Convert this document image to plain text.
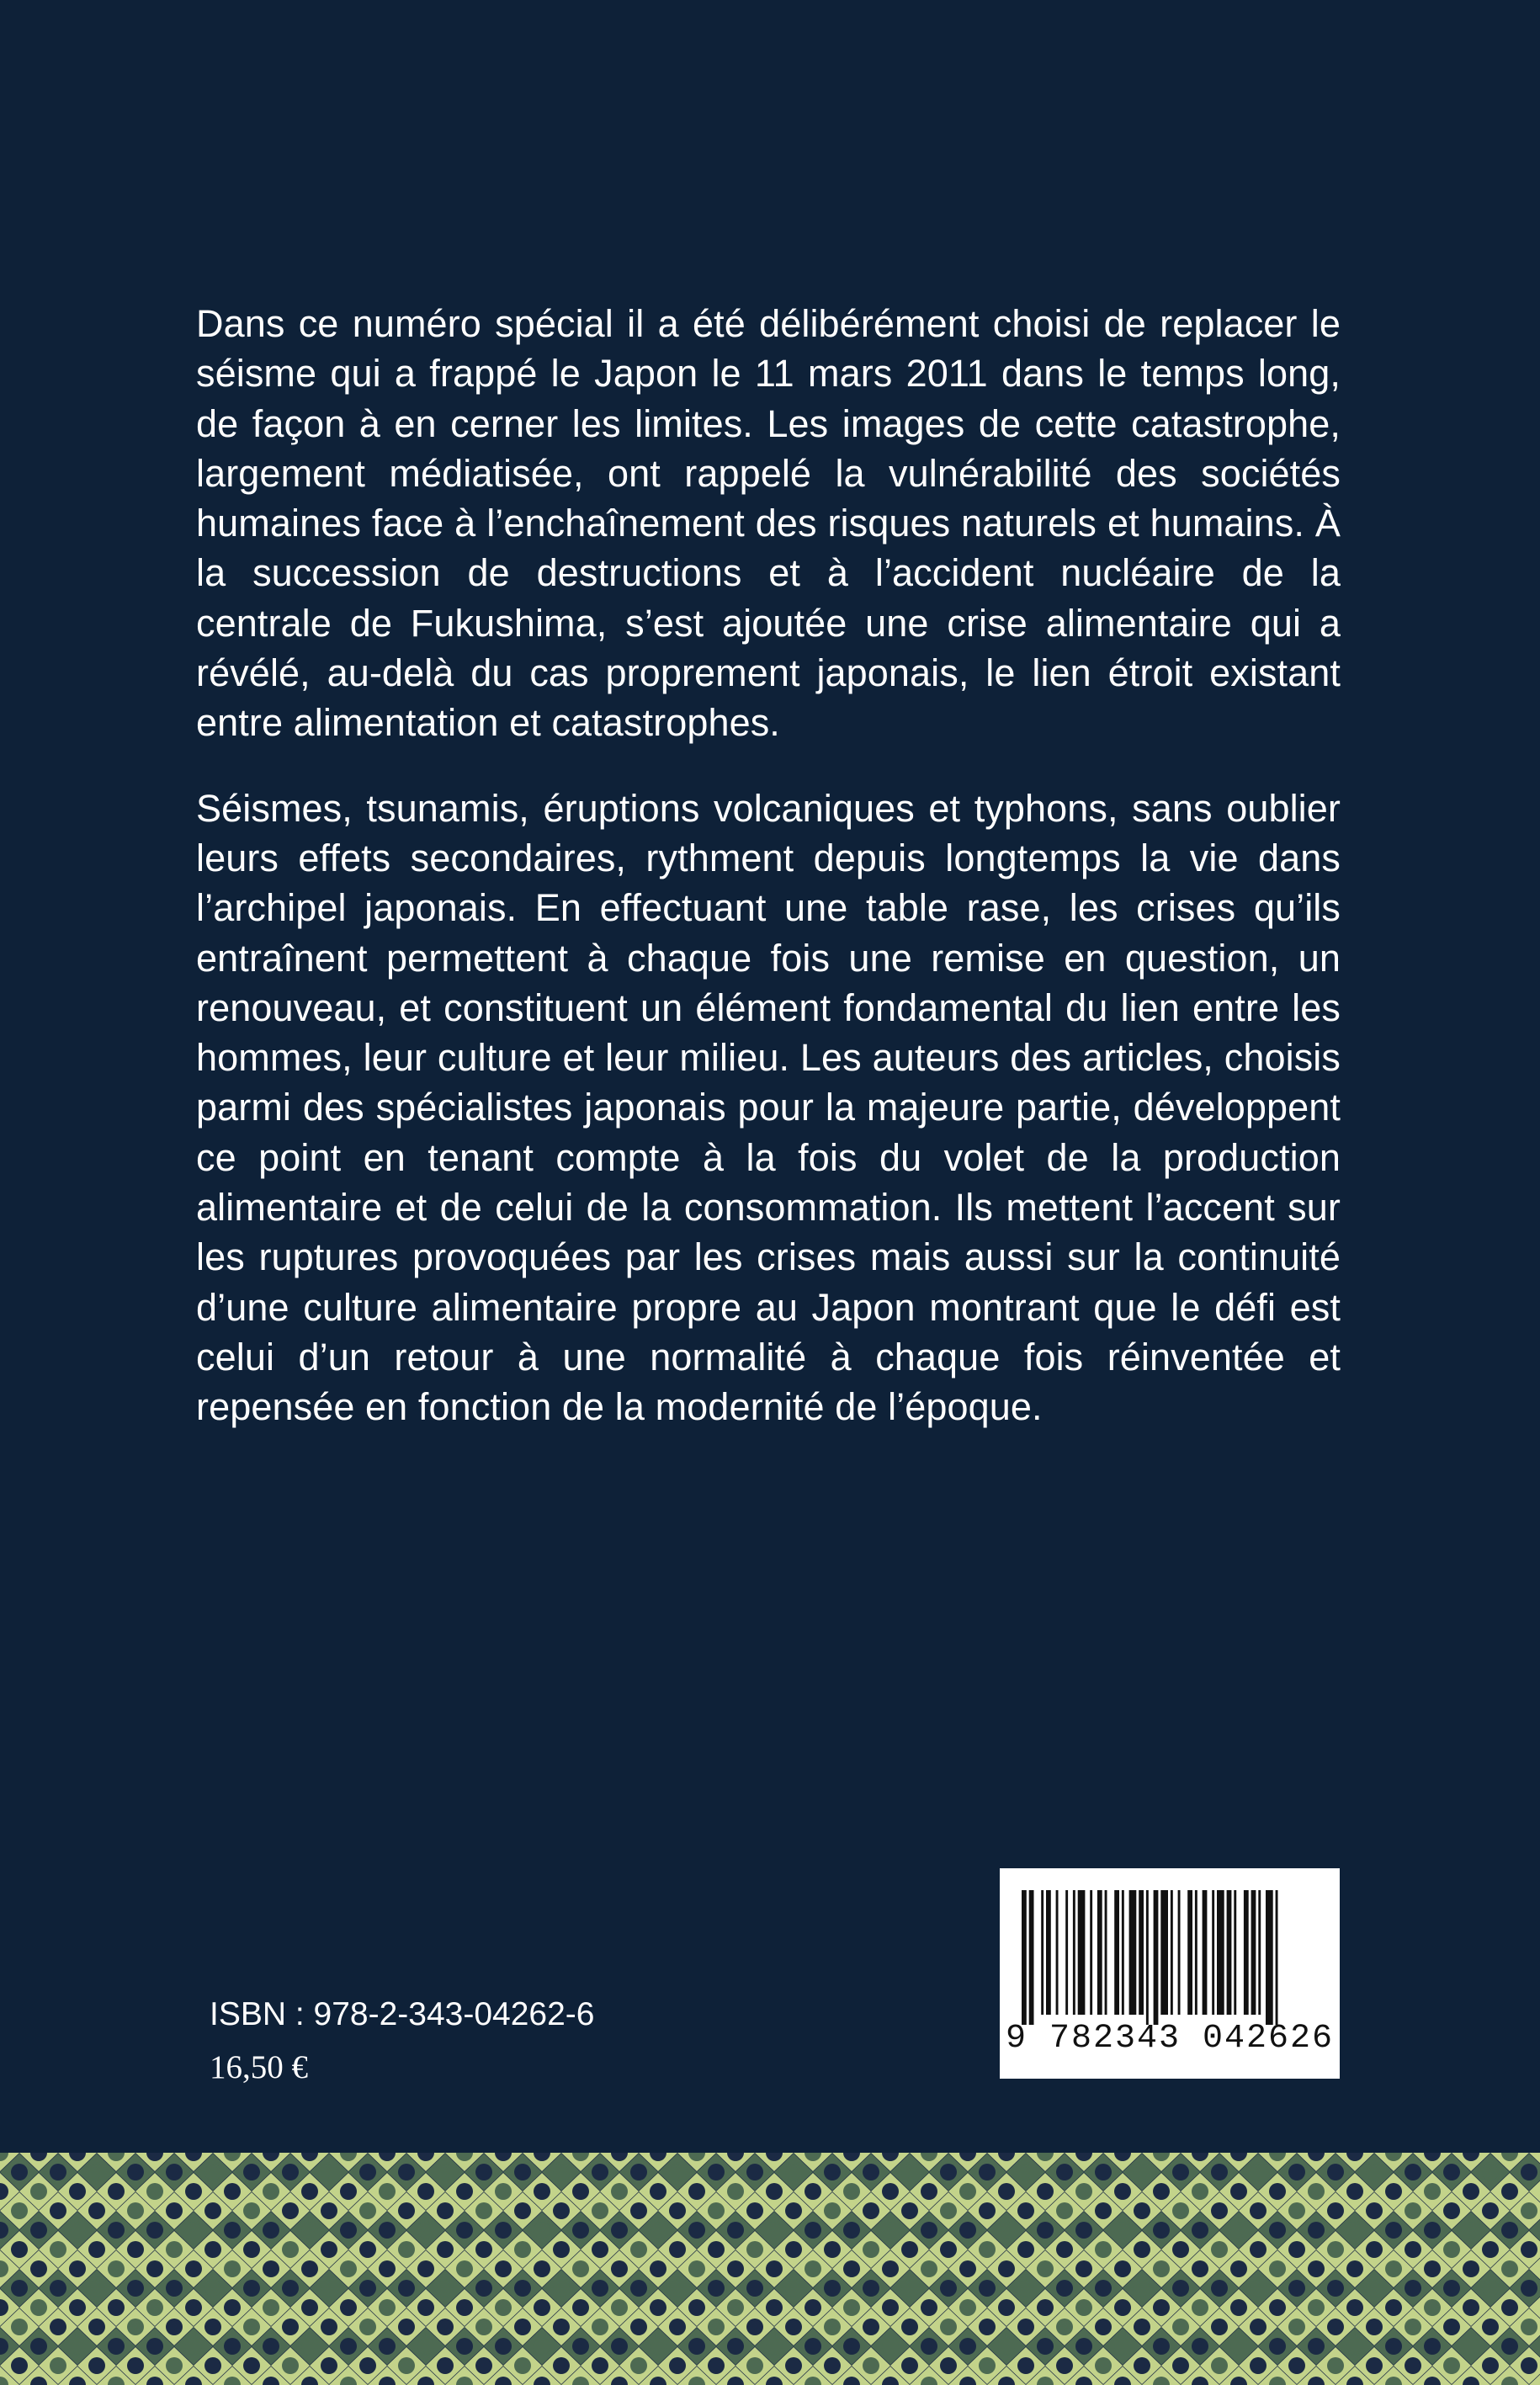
Dans ce numéro spécial il a été délibérément choisi de replacer le séisme qui a frappé le Japon le 11 mars 2011 dans le temps long, de façon à en cerner les limites. Les images de cette catastrophe, largement médiatisée, ont rappelé la vulnérabilité des sociétés humaines face à l’enchaînement des risques naturels et humains. À la succession de destructions et à l’accident nucléaire de la centrale de Fukushima, s’est ajoutée une crise alimentaire qui a révélé, au-delà du cas proprement japonais, le lien étroit existant entre alimentation et catastrophes.

Séismes, tsunamis, éruptions volcaniques et typhons, sans oublier leurs effets secondaires, rythment depuis longtemps la vie dans l’archipel japonais. En effectuant une table rase, les crises qu’ils entraînent permettent à chaque fois une remise en question, un renouveau, et constituent un élément fondamental du lien entre les hommes, leur culture et leur milieu. Les auteurs des articles, choisis parmi des spécialistes japonais pour la majeure partie, développent ce point en tenant compte à la fois du volet de la production alimentaire et de celui de la consommation. Ils mettent l’accent sur les ruptures provoquées par les crises mais aussi sur la continuité d’une culture alimentaire propre au Japon montrant que le défi est celui d’un retour à une normalité à chaque fois réinventée et repensée en fonction de la modernité de l’époque.

ISBN : 978-2-343-04262-6
16,50 €
9 782343 042626
